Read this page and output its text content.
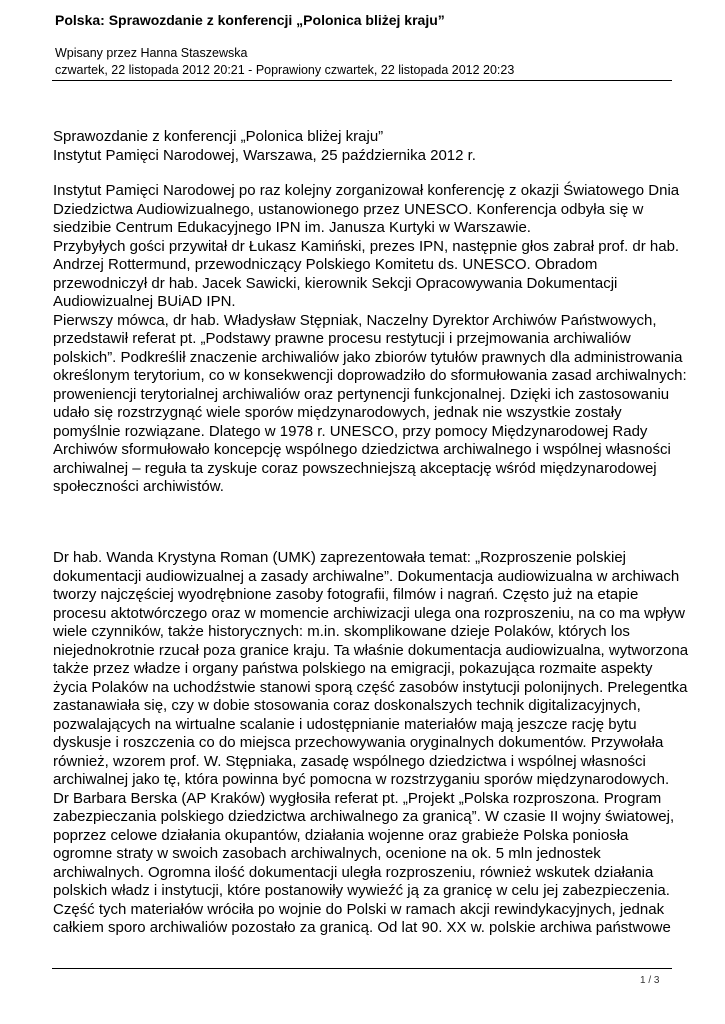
Polska: Sprawozdanie z konferencji „Polonica bliżej kraju”
Wpisany przez Hanna Staszewska
czwartek, 22 listopada 2012 20:21 - Poprawiony czwartek, 22 listopada 2012 20:23
Sprawozdanie z konferencji „Polonica bliżej kraju”
Instytut Pamięci Narodowej, Warszawa, 25 października 2012 r.
Instytut Pamięci Narodowej po raz kolejny zorganizował konferencję z okazji Światowego Dnia
Dziedzictwa Audiowizualnego, ustanowionego przez UNESCO. Konferencja odbyła się w
siedzibie Centrum Edukacyjnego IPN im. Janusza Kurtyki w Warszawie.
Przybyłych gości przywitał dr Łukasz Kamiński, prezes IPN, następnie głos zabrał prof. dr hab.
Andrzej Rottermund, przewodniczący Polskiego Komitetu ds. UNESCO. Obradom
przewodniczył dr hab. Jacek Sawicki, kierownik Sekcji Opracowywania Dokumentacji
Audiowizualnej BUiAD IPN.
Pierwszy mówca, dr hab. Władysław Stępniak, Naczelny Dyrektor Archiwów Państwowych,
przedstawił referat pt. „Podstawy prawne procesu restytucji i przejmowania archiwaliów
polskich”. Podkreślił znaczenie archiwaliów jako zbiorów tytułów prawnych dla administrowania
określonym terytorium, co w konsekwencji doprowadziło do sformułowania zasad archiwalnych:
proweniencji terytorialnej archiwaliów oraz pertynencji funkcjonalnej. Dzięki ich zastosowaniu
udało się rozstrzygnąć wiele sporów międzynarodowych, jednak nie wszystkie zostały
pomyślnie rozwiązane. Dlatego w 1978 r. UNESCO, przy pomocy Międzynarodowej Rady
Archiwów sformułowało koncepcję wspólnego dziedzictwa archiwalnego i wspólnej własności
archiwalnej – reguła ta zyskuje coraz powszechniejszą akceptację wśród międzynarodowej
społeczności archiwistów.
Dr hab. Wanda Krystyna Roman (UMK) zaprezentowała temat: „Rozproszenie polskiej
dokumentacji audiowizualnej a zasady archiwalne”. Dokumentacja audiowizualna w archiwach
tworzy najczęściej wyodrębnione zasoby fotografii, filmów i nagrań. Często już na etapie
procesu aktotwórczego oraz w momencie archiwizacji ulega ona rozproszeniu, na co ma wpływ
wiele czynników, także historycznych: m.in. skomplikowane dzieje Polaków, których los
niejednokrotnie rzucał poza granice kraju. Ta właśnie dokumentacja audiowizualna, wytworzona
także przez władze i organy państwa polskiego na emigracji, pokazująca rozmaite aspekty
życia Polaków na uchodźstwie stanowi sporą część zasobów instytucji polonijnych. Prelegentka
zastanawiała się, czy w dobie stosowania coraz doskonalszych technik digitalizacyjnych,
pozwalających na wirtualne scalanie i udostępnianie materiałów mają jeszcze rację bytu
dyskusje i roszczenia co do miejsca przechowywania oryginalnych dokumentów. Przywołała
również, wzorem prof. W. Stępniaka, zasadę wspólnego dziedzictwa i wspólnej własności
archiwalnej jako tę, która powinna być pomocna w rozstrzyganiu sporów międzynarodowych.
Dr Barbara Berska (AP Kraków) wygłosiła referat pt. „Projekt „Polska rozproszona. Program
zabezpieczania polskiego dziedzictwa archiwalnego za granicą”. W czasie II wojny światowej,
poprzez celowe działania okupantów, działania wojenne oraz grabieże Polska poniosła
ogromne straty w swoich zasobach archiwalnych, ocenione na ok. 5 mln jednostek
archiwalnych. Ogromna ilość dokumentacji uległa rozproszeniu, również wskutek działania
polskich władz i instytucji, które postanowiły wywieźć ją za granicę w celu jej zabezpieczenia.
Część tych materiałów wróciła po wojnie do Polski w ramach akcji rewindykacyjnych, jednak
całkiem sporo archiwaliów pozostało za granicą. Od lat 90. XX w. polskie archiwa państwowe
1 / 3
